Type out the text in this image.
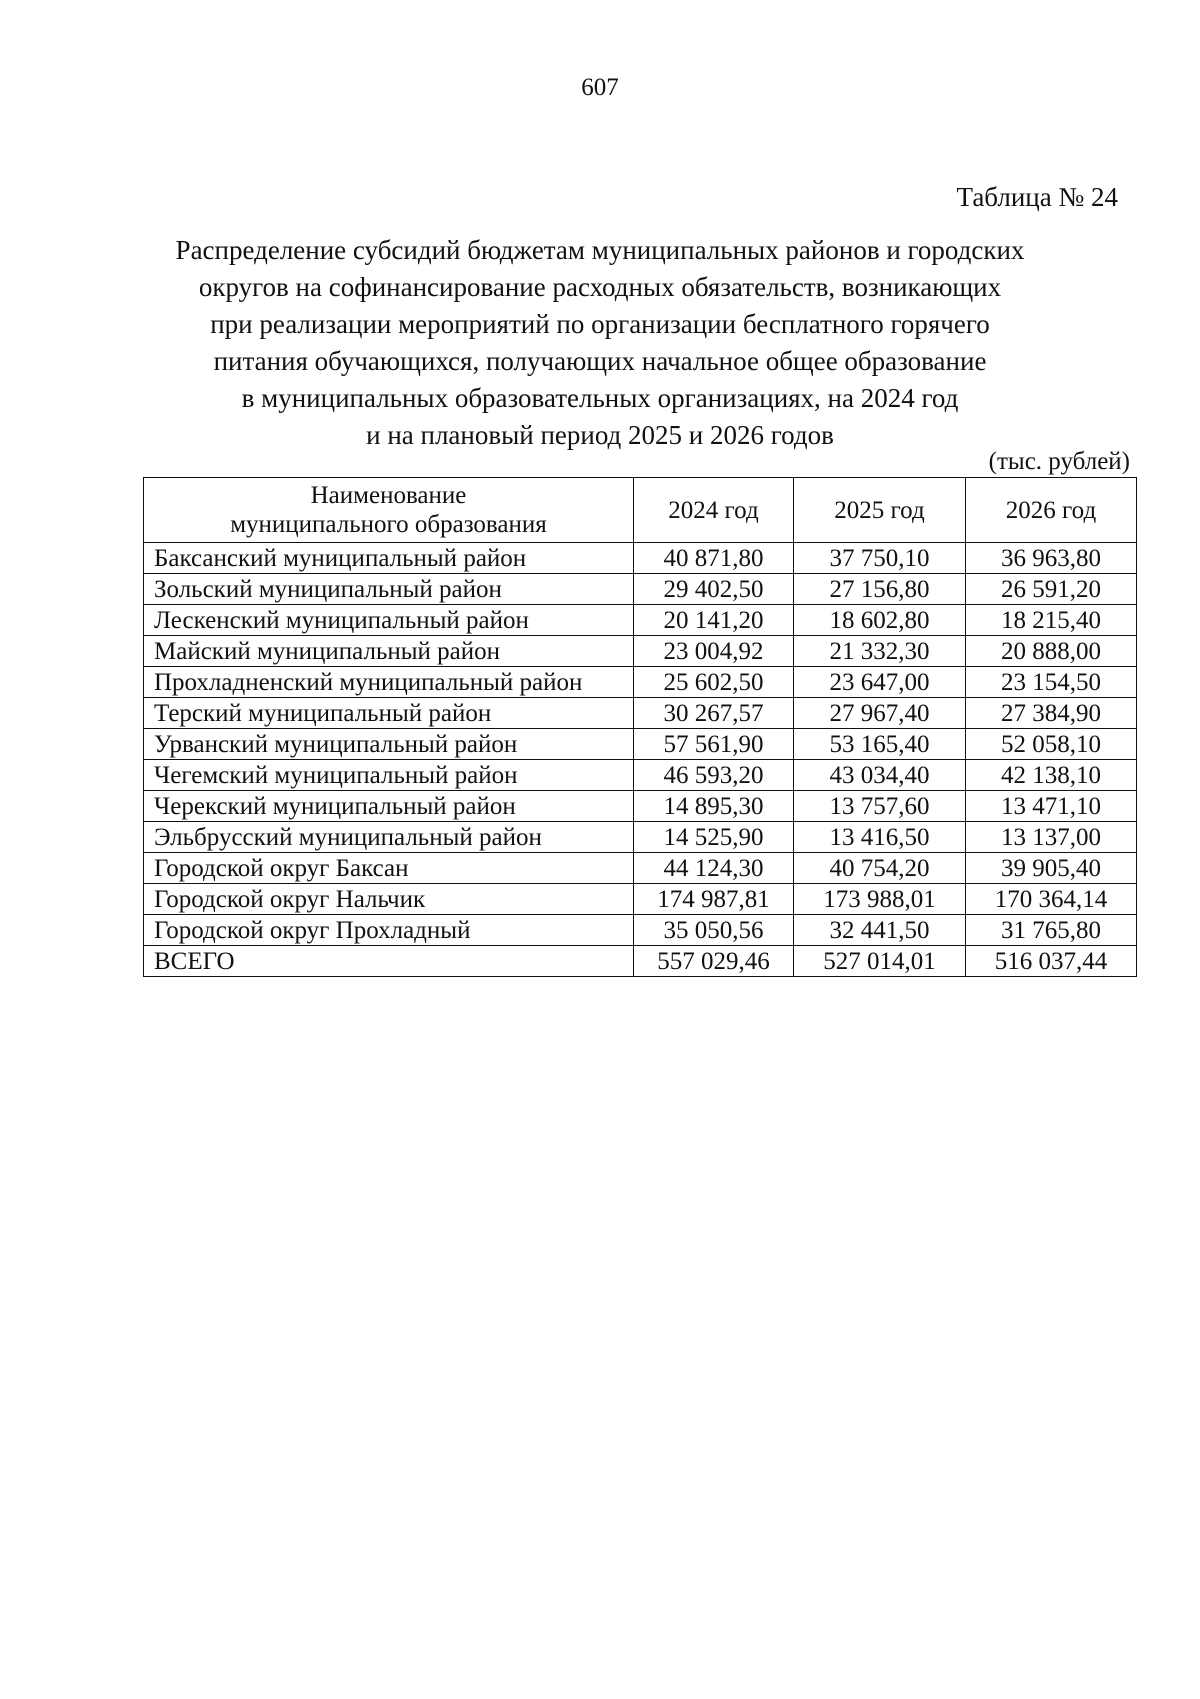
607
Таблица № 24
Распределение субсидий бюджетам муниципальных районов и городских
округов на софинансирование расходных обязательств, возникающих
при реализации мероприятий по организации бесплатного горячего
питания обучающихся, получающих начальное общее образование
в муниципальных образовательных организациях, на 2024 год
и на плановый период 2025 и 2026 годов
(тыс. рублей)
Наименование
муниципального образования	2024 год	2025 год	2026 год
Баксанский муниципальный район	40 871,80	37 750,10	36 963,80
Зольский муниципальный район	29 402,50	27 156,80	26 591,20
Лескенский муниципальный район	20 141,20	18 602,80	18 215,40
Майский муниципальный район	23 004,92	21 332,30	20 888,00
Прохладненский муниципальный район	25 602,50	23 647,00	23 154,50
Терский муниципальный район	30 267,57	27 967,40	27 384,90
Урванский муниципальный район	57 561,90	53 165,40	52 058,10
Чегемский муниципальный район	46 593,20	43 034,40	42 138,10
Черекский муниципальный район	14 895,30	13 757,60	13 471,10
Эльбрусский муниципальный район	14 525,90	13 416,50	13 137,00
Городской округ Баксан	44 124,30	40 754,20	39 905,40
Городской округ Нальчик	174 987,81	173 988,01	170 364,14
Городской округ Прохладный	35 050,56	32 441,50	31 765,80
ВСЕГО	557 029,46	527 014,01	516 037,44
